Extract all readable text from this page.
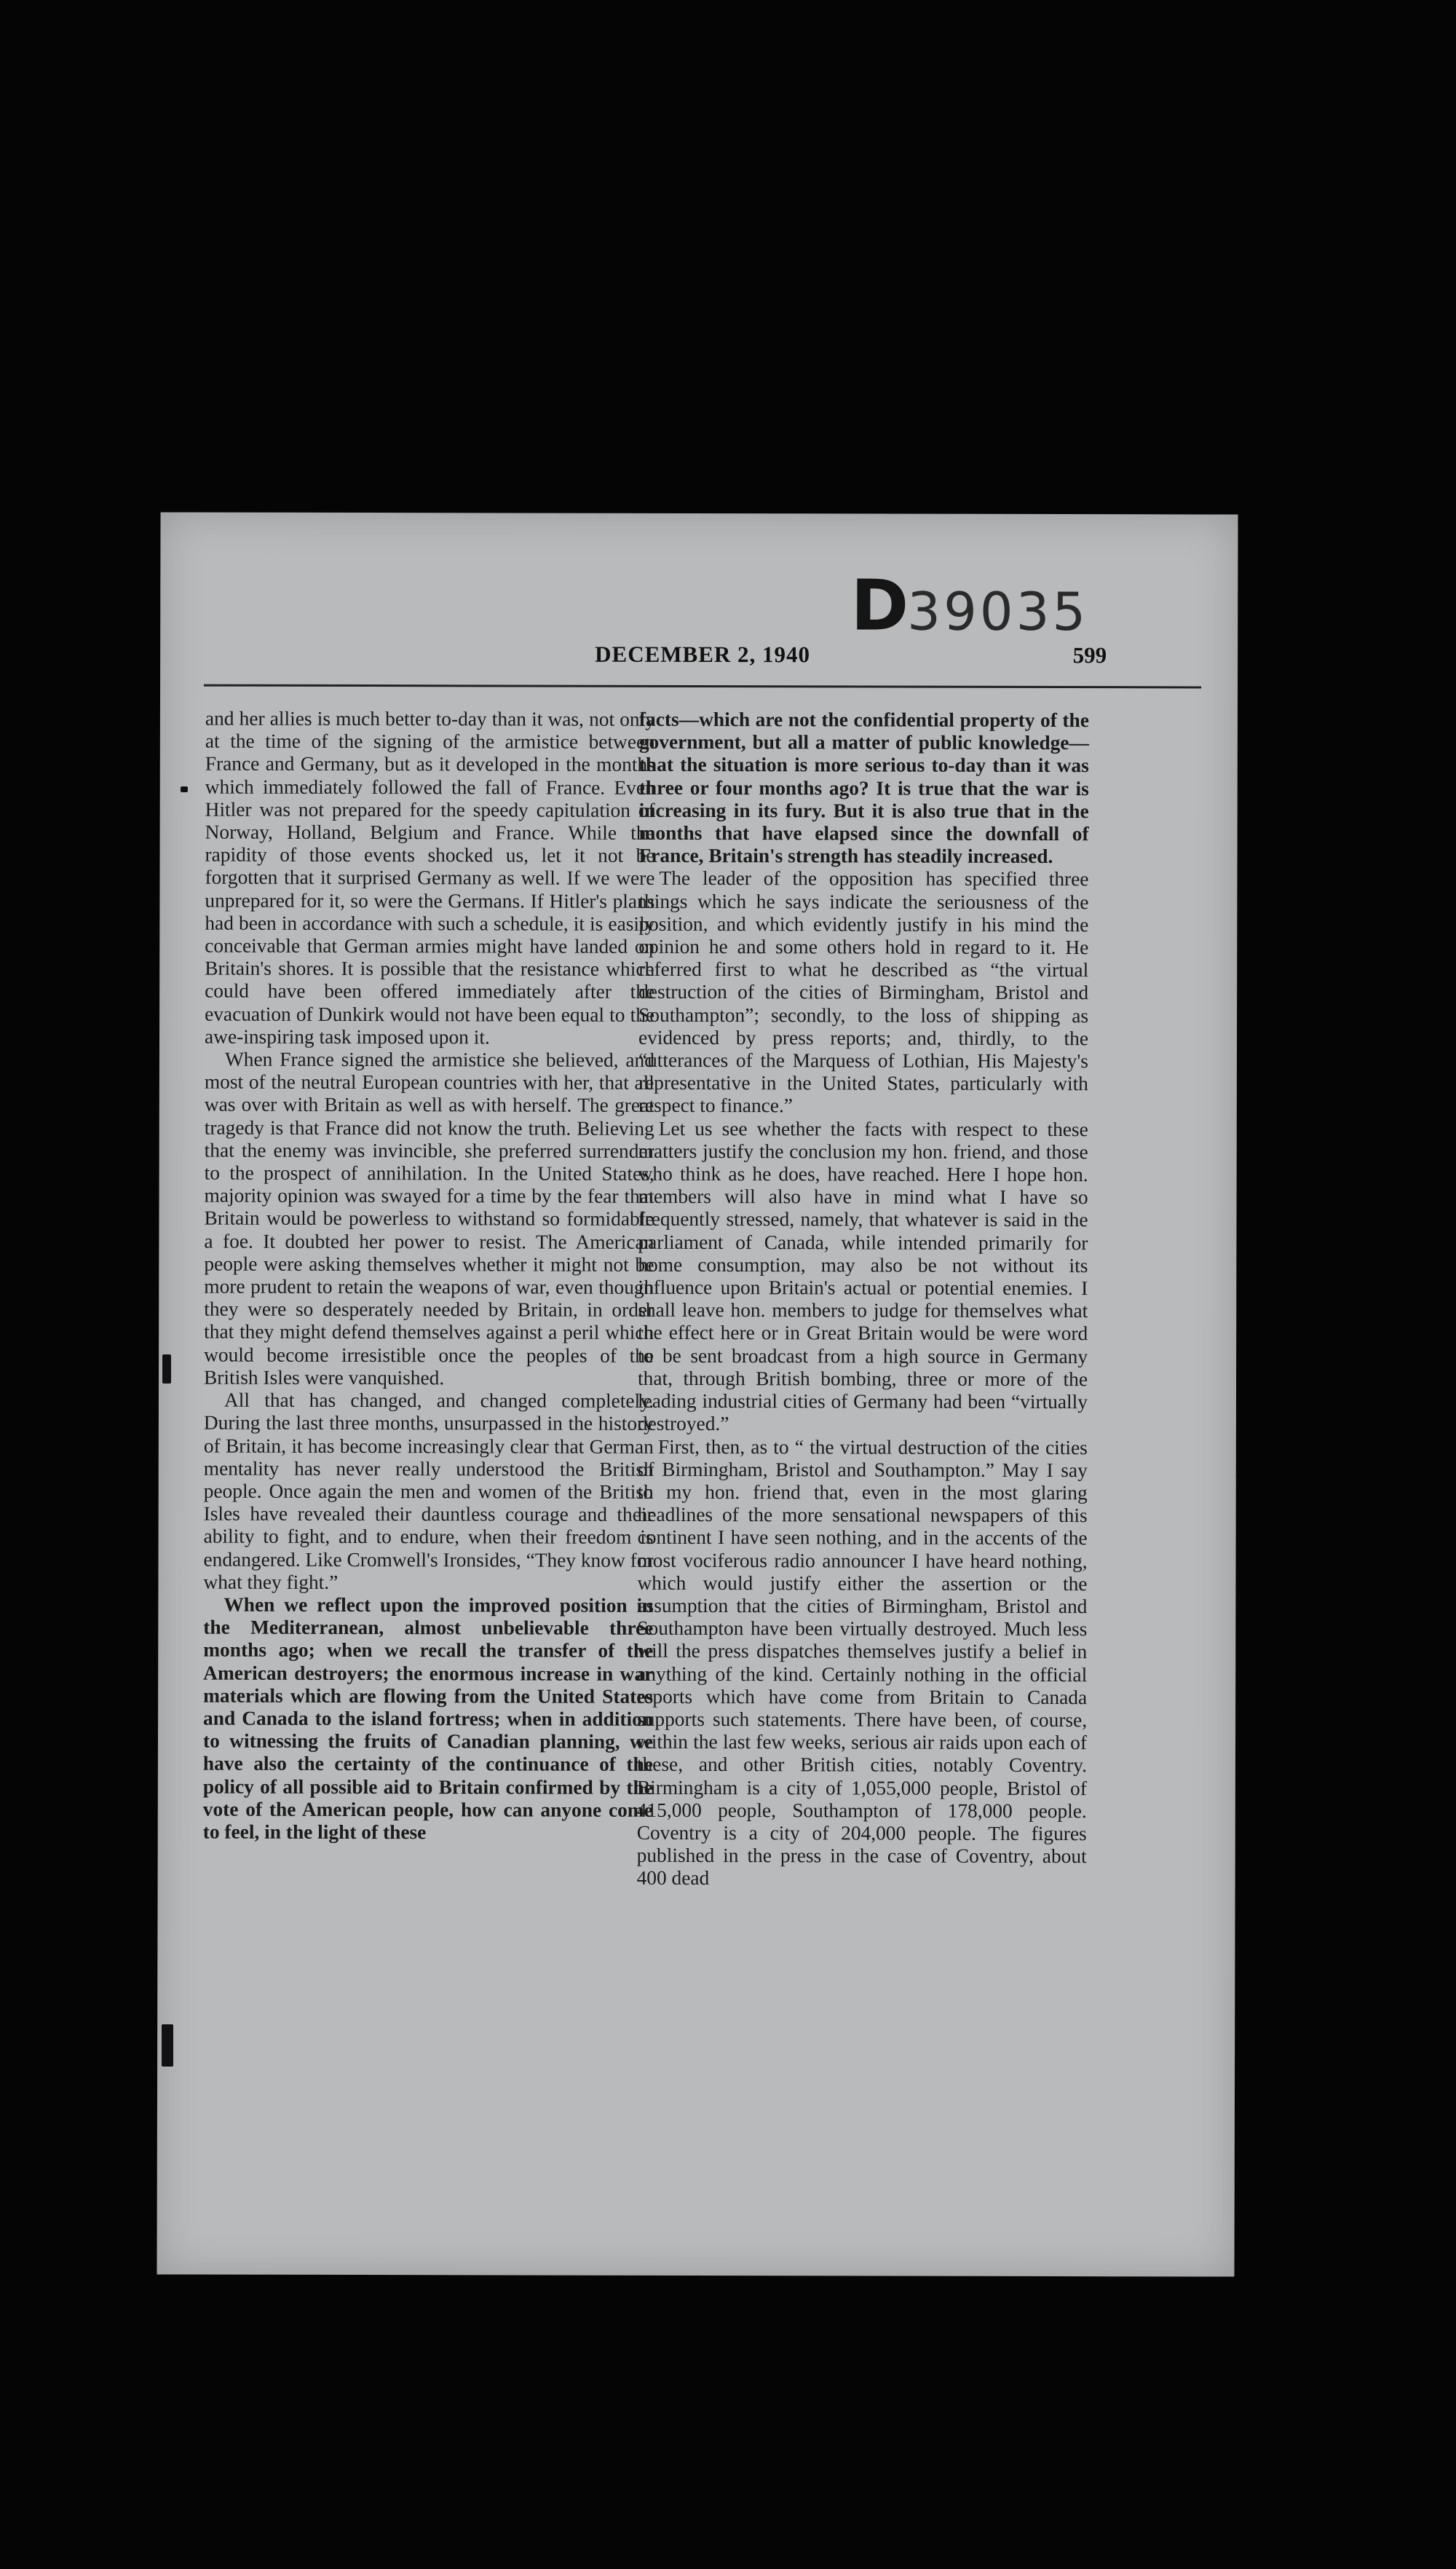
D39035
DECEMBER 2, 1940	599

and her allies is much better to-day than it was, not only at the time of the signing of the armistice between France and Germany, but as it developed in the months which immediately followed the fall of France. Even Hitler was not prepared for the speedy capitulation of Norway, Holland, Belgium and France. While the rapidity of those events shocked us, let it not be forgotten that it surprised Germany as well. If we were unprepared for it, so were the Germans. If Hitler's plans had been in accordance with such a schedule, it is easily conceivable that German armies might have landed on Britain's shores. It is possible that the resistance which could have been offered immediately after the evacuation of Dunkirk would not have been equal to the awe-inspiring task imposed upon it.

When France signed the armistice she believed, and most of the neutral European countries with her, that all was over with Britain as well as with herself. The great tragedy is that France did not know the truth. Believing that the enemy was invincible, she preferred surrender to the prospect of annihilation. In the United States, majority opinion was swayed for a time by the fear that Britain would be powerless to withstand so formidable a foe. It doubted her power to resist. The American people were asking themselves whether it might not be more prudent to retain the weapons of war, even though they were so desperately needed by Britain, in order that they might defend themselves against a peril which would become irresistible once the peoples of the British Isles were vanquished.

All that has changed, and changed completely. During the last three months, unsurpassed in the history of Britain, it has become increasingly clear that German mentality has never really understood the British people. Once again the men and women of the British Isles have revealed their dauntless courage and their ability to fight, and to endure, when their freedom is endangered. Like Cromwell's Ironsides, “They know for what they fight.”

When we reflect upon the improved position in the Mediterranean, almost unbelievable three months ago; when we recall the transfer of the American destroyers; the enormous increase in war materials which are flowing from the United States and Canada to the island fortress; when in addition to witnessing the fruits of Canadian planning, we have also the certainty of the continuance of the policy of all possible aid to Britain confirmed by the vote of the American people, how can anyone come to feel, in the light of these

facts—which are not the confidential property of the government, but all a matter of public knowledge—that the situation is more serious to-day than it was three or four months ago? It is true that the war is increasing in its fury. But it is also true that in the months that have elapsed since the downfall of France, Britain's strength has steadily increased.

The leader of the opposition has specified three things which he says indicate the seriousness of the position, and which evidently justify in his mind the opinion he and some others hold in regard to it. He referred first to what he described as “the virtual destruction of the cities of Birmingham, Bristol and Southampton”; secondly, to the loss of shipping as evidenced by press reports; and, thirdly, to the “utterances of the Marquess of Lothian, His Majesty's representative in the United States, particularly with respect to finance.”

Let us see whether the facts with respect to these matters justify the conclusion my hon. friend, and those who think as he does, have reached. Here I hope hon. members will also have in mind what I have so frequently stressed, namely, that whatever is said in the parliament of Canada, while intended primarily for home consumption, may also be not without its influence upon Britain's actual or potential enemies. I shall leave hon. members to judge for themselves what the effect here or in Great Britain would be were word to be sent broadcast from a high source in Germany that, through British bombing, three or more of the leading industrial cities of Germany had been “virtually destroyed.”

First, then, as to “ the virtual destruction of the cities of Birmingham, Bristol and Southampton.” May I say to my hon. friend that, even in the most glaring headlines of the more sensational newspapers of this continent I have seen nothing, and in the accents of the most vociferous radio announcer I have heard nothing, which would justify either the assertion or the assumption that the cities of Birmingham, Bristol and Southampton have been virtually destroyed. Much less will the press dispatches themselves justify a belief in anything of the kind. Certainly nothing in the official reports which have come from Britain to Canada supports such statements. There have been, of course, within the last few weeks, serious air raids upon each of these, and other British cities, notably Coventry. Birmingham is a city of 1,055,000 people, Bristol of 415,000 people, Southampton of 178,000 people. Coventry is a city of 204,000 people. The figures published in the press in the case of Coventry, about 400 dead
